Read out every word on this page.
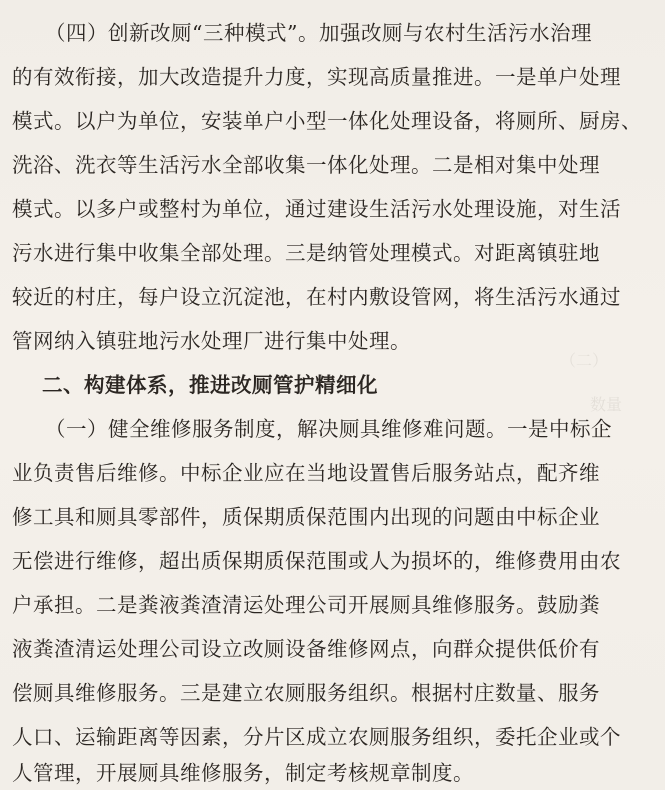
（二）
数量
（四）创新改厕“三种模式”。加强改厕与农村生活污水治理
的有效衔接，加大改造提升力度，实现高质量推进。一是单户处理
模式。以户为单位，安装单户小型一体化处理设备，将厕所、厨房、
洗浴、洗衣等生活污水全部收集一体化处理。二是相对集中处理
模式。以多户或整村为单位，通过建设生活污水处理设施，对生活
污水进行集中收集全部处理。三是纳管处理模式。对距离镇驻地
较近的村庄，每户设立沉淀池，在村内敷设管网，将生活污水通过
管网纳入镇驻地污水处理厂进行集中处理。
二、构建体系，推进改厕管护精细化
（一）健全维修服务制度，解决厕具维修难问题。一是中标企
业负责售后维修。中标企业应在当地设置售后服务站点，配齐维
修工具和厕具零部件，质保期质保范围内出现的问题由中标企业
无偿进行维修，超出质保期质保范围或人为损坏的，维修费用由农
户承担。二是粪液粪渣清运处理公司开展厕具维修服务。鼓励粪
液粪渣清运处理公司设立改厕设备维修网点，向群众提供低价有
偿厕具维修服务。三是建立农厕服务组织。根据村庄数量、服务
人口、运输距离等因素，分片区成立农厕服务组织，委托企业或个
人管理，开展厕具维修服务，制定考核规章制度。
